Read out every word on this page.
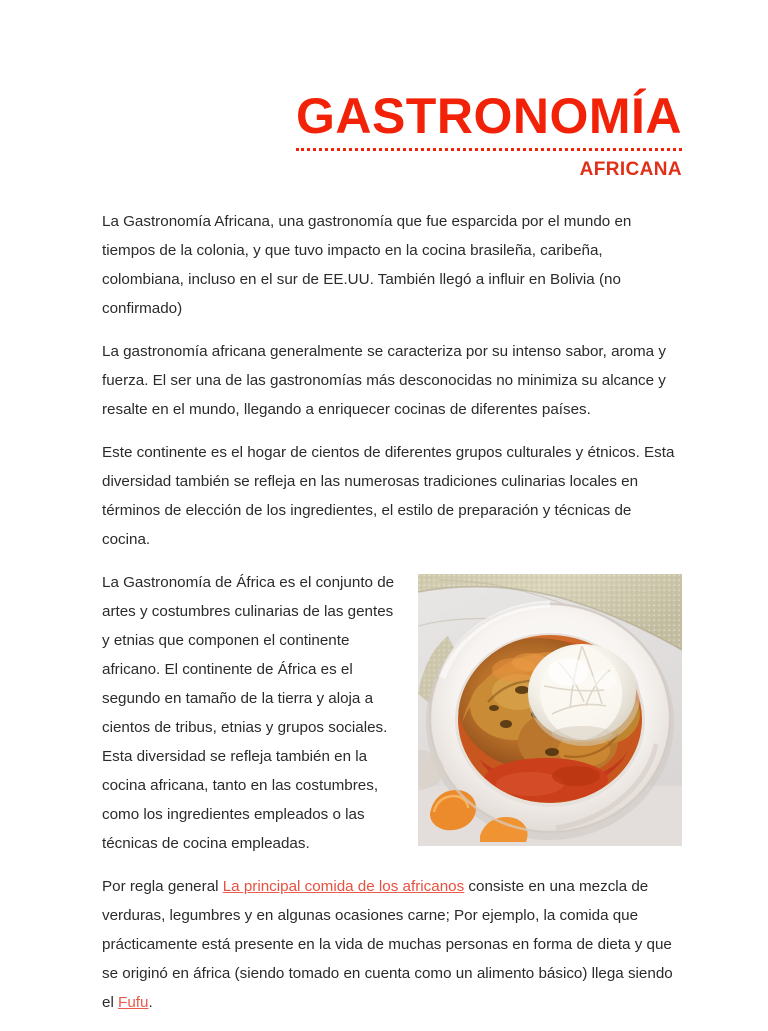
GASTRONOMÍA
AFRICANA

La Gastronomía Africana, una gastronomía que fue esparcida por el mundo en tiempos de la colonia, y que tuvo impacto en la cocina brasileña, caribeña, colombiana, incluso en el sur de EE.UU. También llegó a influir en Bolivia (no confirmado)

La gastronomía africana generalmente se caracteriza por su intenso sabor, aroma y fuerza. El ser una de las gastronomías más desconocidas no minimiza su alcance y resalte en el mundo, llegando a enriquecer cocinas de diferentes países.

Este continente es el hogar de cientos de diferentes grupos culturales y étnicos. Esta diversidad también se refleja en las numerosas tradiciones culinarias locales en términos de elección de los ingredientes, el estilo de preparación y técnicas de cocina.

La Gastronomía de África es el conjunto de artes y costumbres culinarias de las gentes y etnias que componen el continente africano. El continente de África es el segundo en tamaño de la tierra y aloja a cientos de tribus, etnias y grupos sociales. Esta diversidad se refleja también en la cocina africana, tanto en las costumbres, como los ingredientes empleados o las técnicas de cocina empleadas.

Por regla general La principal comida de los africanos consiste en una mezcla de verduras, legumbres y en algunas ocasiones carne; Por ejemplo, la comida que prácticamente está presente en la vida de muchas personas en forma de dieta y que se originó en áfrica (siendo tomado en cuenta como un alimento básico) llega siendo el Fufu.
